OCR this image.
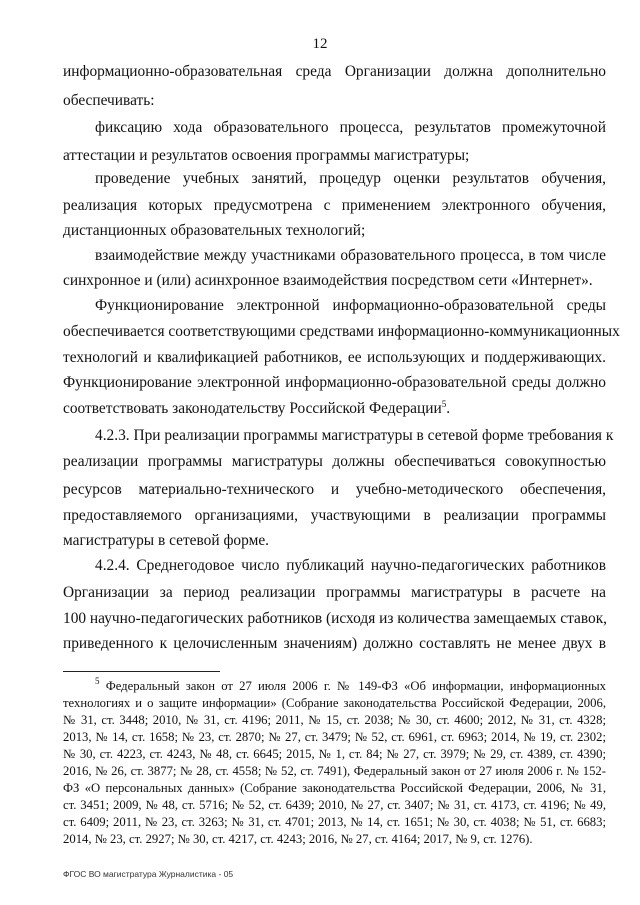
12
информационно-образовательная среда Организации должна дополнительно
обеспечивать:
фиксацию хода образовательного процесса, результатов промежуточной
аттестации и результатов освоения программы магистратуры;
проведение учебных занятий, процедур оценки результатов обучения,
реализация которых предусмотрена с применением электронного обучения,
дистанционных образовательных технологий;
взаимодействие между участниками образовательного процесса, в том числе
синхронное и (или) асинхронное взаимодействия посредством сети «Интернет».
Функционирование электронной информационно-образовательной среды
обеспечивается соответствующими средствами информационно-коммуникационных
технологий и квалификацией работников, ее использующих и поддерживающих.
Функционирование электронной информационно-образовательной среды должно
соответствовать законодательству Российской Федерации$^5$.
4.2.3. При реализации программы магистратуры в сетевой форме требования к
реализации программы магистратуры должны обеспечиваться совокупностью
ресурсов материально-технического и учебно-методического обеспечения,
предоставляемого организациями, участвующими в реализации программы
магистратуры в сетевой форме.
4.2.4. Среднегодовое число публикаций научно-педагогических работников
Организации за период реализации программы магистратуры в расчете на
100 научно-педагогических работников (исходя из количества замещаемых ставок,
приведенного к целочисленным значениям) должно составлять не менее двух в
$^5$ Федеральный закон от 27 июля 2006 г. № 149-ФЗ «Об информации, информационных
технологиях и о защите информации» (Собрание законодательства Российской Федерации, 2006,
№ 31, ст. 3448; 2010, № 31, ст. 4196; 2011, № 15, ст. 2038; № 30, ст. 4600; 2012, № 31, ст. 4328;
2013, № 14, ст. 1658; № 23, ст. 2870; № 27, ст. 3479; № 52, ст. 6961, ст. 6963; 2014, № 19, ст. 2302;
№ 30, ст. 4223, ст. 4243, № 48, ст. 6645; 2015, № 1, ст. 84; № 27, ст. 3979; № 29, ст. 4389, ст. 4390;
2016, № 26, ст. 3877; № 28, ст. 4558; № 52, ст. 7491), Федеральный закон от 27 июля 2006 г. № 152-
ФЗ «О персональных данных» (Собрание законодательства Российской Федерации, 2006, № 31,
ст. 3451; 2009, № 48, ст. 5716; № 52, ст. 6439; 2010, № 27, ст. 3407; № 31, ст. 4173, ст. 4196; № 49,
ст. 6409; 2011, № 23, ст. 3263; № 31, ст. 4701; 2013, № 14, ст. 1651; № 30, ст. 4038; № 51, ст. 6683;
2014, № 23, ст. 2927; № 30, ст. 4217, ст. 4243; 2016, № 27, ст. 4164; 2017, № 9, ст. 1276).
ФГОС ВО магистратура Журналистика - 05
